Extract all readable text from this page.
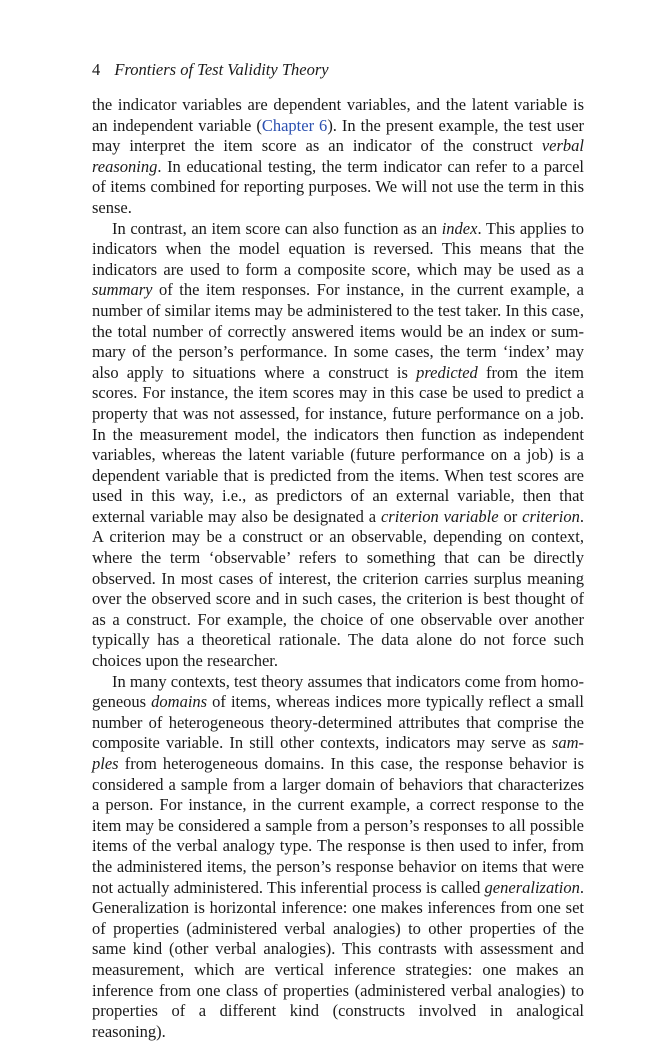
4 Frontiers of Test Validity Theory

the indicator variables are dependent variables, and the latent variable is an independent variable (Chapter 6). In the present example, the test user may interpret the item score as an indicator of the construct verbal reasoning. In educational testing, the term indicator can refer to a parcel of items combined for reporting purposes. We will not use the term in this sense.

In contrast, an item score can also function as an index. This applies to indicators when the model equation is reversed. This means that the indicators are used to form a composite score, which may be used as a summary of the item responses. For instance, in the current example, a number of similar items may be administered to the test taker. In this case, the total number of correctly answered items would be an index or summary of the person’s performance. In some cases, the term ‘index’ may also apply to situations where a construct is predicted from the item scores. For instance, the item scores may in this case be used to predict a property that was not assessed, for instance, future performance on a job. In the measurement model, the indicators then function as independent variables, whereas the latent variable (future performance on a job) is a dependent variable that is predicted from the items. When test scores are used in this way, i.e., as predictors of an external variable, then that external variable may also be designated a criterion variable or criterion. A criterion may be a construct or an observable, depending on context, where the term ‘observable’ refers to something that can be directly observed. In most cases of interest, the criterion carries surplus meaning over the observed score and in such cases, the criterion is best thought of as a construct. For example, the choice of one observable over another typically has a theoretical rationale. The data alone do not force such choices upon the researcher.

In many contexts, test theory assumes that indicators come from homogeneous domains of items, whereas indices more typically reflect a small number of heterogeneous theory-determined attributes that comprise the composite variable. In still other contexts, indicators may serve as samples from heterogeneous domains. In this case, the response behavior is considered a sample from a larger domain of behaviors that characterizes a person. For instance, in the current example, a correct response to the item may be considered a sample from a person’s responses to all possible items of the verbal analogy type. The response is then used to infer, from the administered items, the person’s response behavior on items that were not actually administered. This inferential process is called generalization. Generalization is horizontal inference: one makes inferences from one set of properties (administered verbal analogies) to other properties of the same kind (other verbal analogies). This contrasts with assessment and measurement, which are vertical inference strategies: one makes an inference from one class of properties (administered verbal analogies) to properties of a different kind (constructs involved in analogical reasoning).
